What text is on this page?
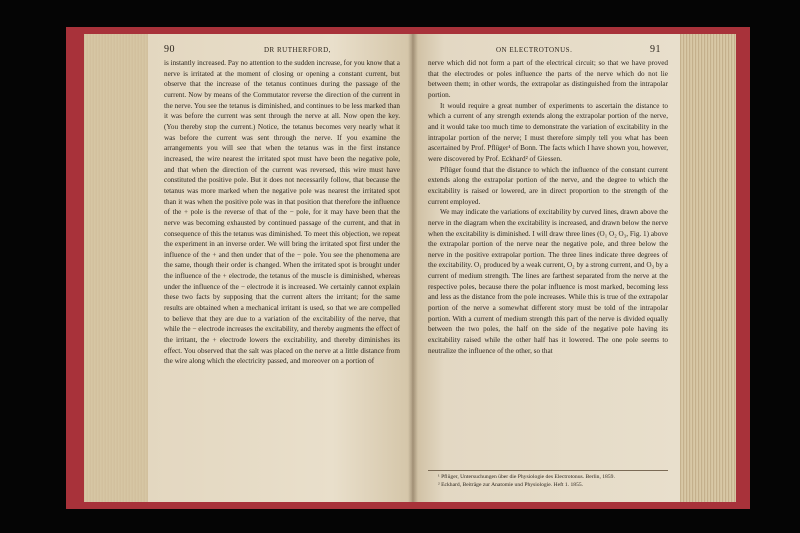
90	DR RUTHERFORD,

is instantly increased. Pay no attention to the sudden increase, for you know that a nerve is irritated at the moment of closing or opening a constant current, but observe that the increase of the tetanus continues during the passage of the current. Now by means of the Commutator reverse the direction of the current in the nerve. You see the tetanus is diminished, and continues to be less marked than it was before the current was sent through the nerve at all. Now open the key. (You thereby stop the current.) Notice, the tetanus becomes very nearly what it was before the current was sent through the nerve. If you examine the arrangements you will see that when the tetanus was in the first instance increased, the wire nearest the irritated spot must have been the negative pole, and that when the direction of the current was reversed, this wire must have constituted the positive pole. But it does not necessarily follow, that because the tetanus was more marked when the negative pole was nearest the irritated spot than it was when the positive pole was in that position that therefore the influence of the + pole is the reverse of that of the − pole, for it may have been that the nerve was becoming exhausted by continued passage of the current, and that in consequence of this the tetanus was diminished. To meet this objection, we repeat the experiment in an inverse order. We will bring the irritated spot first under the influence of the + and then under that of the − pole. You see the phenomena are the same, though their order is changed. When the irritated spot is brought under the influence of the + electrode, the tetanus of the muscle is diminished, whereas under the influence of the − electrode it is increased. We certainly cannot explain these two facts by supposing that the current alters the irritant; for the same results are obtained when a mechanical irritant is used, so that we are compelled to believe that they are due to a variation of the excitability of the nerve, that while the − electrode increases the excitability, and thereby augments the effect of the irritant, the + electrode lowers the excitability, and thereby diminishes its effect. You observed that the salt was placed on the nerve at a little distance from the wire along which the electricity passed, and moreover on a portion of

ON ELECTROTONUS.	91

nerve which did not form a part of the electrical circuit; so that we have proved that the electrodes or poles influence the parts of the nerve which do not lie between them; in other words, the extrapolar as distinguished from the intrapolar portion.

It would require a great number of experiments to ascertain the distance to which a current of any strength extends along the extrapolar portion of the nerve, and it would take too much time to demonstrate the variation of excitability in the intrapolar portion of the nerve; I must therefore simply tell you what has been ascertained by Prof. Pflüger¹ of Bonn. The facts which I have shown you, however, were discovered by Prof. Eckhard² of Giessen.

Pflüger found that the distance to which the influence of the constant current extends along the extrapolar portion of the nerve, and the degree to which the excitability is raised or lowered, are in direct proportion to the strength of the current employed.

We may indicate the variations of excitability by curved lines, drawn above the nerve in the diagram when the excitability is increased, and drawn below the nerve when the excitability is diminished. I will draw three lines (O₁ O₂ O₃, Fig. 1) above the extrapolar portion of the nerve near the negative pole, and three below the nerve in the positive extrapolar portion. The three lines indicate three degrees of the excitability. O₁ produced by a weak current, O₂ by a strong current, and O₃ by a current of medium strength. The lines are farthest separated from the nerve at the respective poles, because there the polar influence is most marked, becoming less and less as the distance from the pole increases. While this is true of the extrapolar portion of the nerve a somewhat different story must be told of the intrapolar portion. With a current of medium strength this part of the nerve is divided equally between the two poles, the half on the side of the negative pole having its excitability raised while the other half has it lowered. The one pole seems to neutralize the influence of the other, so that

¹ Pflüger, Untersuchungen über die Physiologie des Electrotonus. Berlin, 1859.
² Eckhard, Beiträge zur Anatomie und Physiologie. Heft 1. 1855.
